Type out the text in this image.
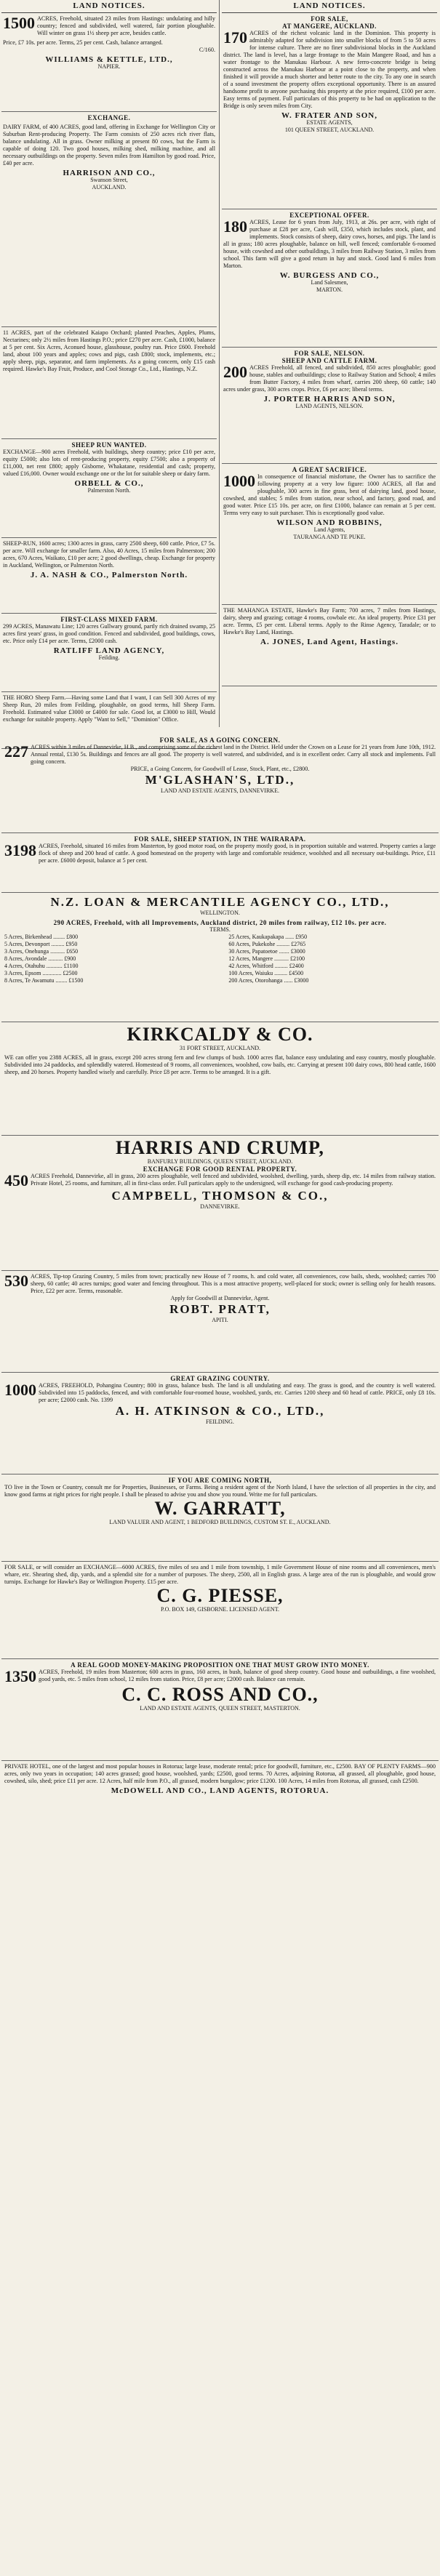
LAND NOTICES.
1500 ACRES, Freehold, situated 23 miles from Hastings: undulating and hilly country; fenced and subdivided, well watered, fair portion ploughable. Will winter on grass 1½ sheep per acre, besides cattle.
Price, £7 10s. per acre. Terms, 25 per cent. Cash, balance arranged.
C/160.
WILLIAMS & KETTLE, LTD.,
NAPIER.
EXCHANGE.
DAIRY FARM, of 400 ACRES, good land, offering in Exchange for Wellington City or Suburban Rent-producing Property. The Farm consists of 250 acres rich river flats, balance undulating. All in grass. Owner milking at present 80 cows, but the Farm is capable of doing 120. Two good houses, milking shed, milking machine, and all necessary outbuildings on the property. Seven miles from Hamilton by good road. Price, £40 per acre.
HARRISON AND CO.,
Swanson Street,
AUCKLAND.
11 ACRES, part of the celebrated Kaiapo Orchard; planted Peaches, Apples, Plums, Nectarines; only 2½ miles from Hastings P.O.; price £270 per acre. Cash, £1000, balance at 5 per cent. Six Acres, Aconued house, glasshouse, poultry run. Price £600. Freehold land, about 100 years and apples; cows and pigs, cash £800; stock, implements, etc.; apply sheep, pigs, separator, and farm implements. As a going concern, only £15 cash required. Hawke's Bay Fruit, Produce, and Cool Storage Co., Ltd., Hastings, N.Z.
SHEEP RUN WANTED.
EXCHANGE—900 acres Freehold, with buildings, sheep country; price £10 per acre, equity £5000; also lots of rent-producing property, equity £7500; also a property of £11,000, net rent £800; apply Gisborne, Whakatane, residential and cash; property, valued £16,000. Owner would exchange one or the lot for suitable sheep or dairy farm.
ORBELL & CO.,
Palmerston North.
SHEEP-RUN, 1600 acres; 1300 acres in grass, carry 2500 sheep, 600 cattle. Price, £7 5s. per acre. Will exchange for smaller farm. Also, 40 Acres, 15 miles from Palmerston; 200 acres, 670 Acres, Waikato, £10 per acre; 2 good dwellings, cheap. Exchange for property in Auckland, Wellington, or Palmerston North.
J. A. NASH & CO., Palmerston North.
FIRST-CLASS MIXED FARM.
299 ACRES, Manawatu Line; 120 acres Gullwary ground, partly rich drained swamp, 25 acres first years' grass, in good condition. Fenced and subdivided, good buildings, cows, etc. Price only £14 per acre. Terms, £2000 cash.
RATLIFF LAND AGENCY,
Feilding.
THE HORO Sheep Farm.—Having some Land that I want, I can Sell 300 Acres of my Sheep Run, 20 miles from Feilding, ploughable, on good terms, hill Sheep Farm. Freehold. Estimated value £3000 or £4000 for sale. Good lot, at £3000 to Hill, Would exchange for suitable property. Apply "Want to Sell," "Dominion" Office.
LAND NOTICES.
FOR SALE,
AT MANGERE, AUCKLAND.
170 ACRES of the richest volcanic land in the Dominion. This property is admirably adapted for subdivision into smaller blocks of from 5 to 50 acres for intense culture. There are no finer subdivisional blocks in the Auckland district. The land is level, has a large frontage to the Main Mangere Road, and has a water frontage to the Manukau Harbour. A new ferro-concrete bridge is being constructed across the Manukau Harbour at a point close to the property, and when finished it will provide a much shorter and better route to the city. To any one in search of a sound investment the property offers exceptional opportunity. There is an assured handsome profit to anyone purchasing this property at the price required, £100 per acre. Easy terms of payment. Full particulars of this property to be had on application to the Bridge is only seven miles from City.
W. FRATER AND SON,
ESTATE AGENTS,
101 QUEEN STREET, AUCKLAND.
EXCEPTIONAL OFFER.
180 ACRES, Lease for 6 years from July, 1913, at 26s. per acre, with right of purchase at £28 per acre, Cash will, £350, which includes stock, plant, and implements. Stock consists of sheep, dairy cows, horses, and pigs. The land is all in grass; 180 acres ploughable, balance on hill, well fenced; comfortable 6-roomed house, with cowshed and other outbuildings, 3 miles from Railway Station, 3 miles from school. This farm will give a good return in hay and stock. Good land 6 miles from Marton.
W. BURGESS AND CO.,
Land Salesmen,
MARTON.
FOR SALE, NELSON.
SHEEP AND CATTLE FARM.
200 ACRES Freehold, all fenced, and subdivided, 850 acres ploughable; good house, stables and outbuildings; close to Railway Station and School; 4 miles from Butter Factory, 4 miles from wharf, carries 200 sheep, 60 cattle; 140 acres under grass, 300 acres crops. Price, £6 per acre; liberal terms.
J. PORTER HARRIS AND SON,
LAND AGENTS, NELSON.
A GREAT SACRIFICE.
1000 In consequence of financial misfortune, the Owner has to sacrifice the following property at a very low figure: 1000 ACRES, all flat and ploughable, 300 acres in fine grass, best of dairying land, good house, cowshed, and stables; 5 miles from station, near school, and factory, good road, and good water. Price £15 10s. per acre, on first £1000, balance can remain at 5 per cent. Terms very easy to suit purchaser. This is exceptionally good value.
WILSON AND ROBBINS,
Land Agents,
TAURANGA AND TE PUKE.
THE MAHANGA ESTATE, Hawke's Bay Farm; 700 acres, 7 miles from Hastings, dairy, sheep and grazing; cottage 4 rooms, cowbale etc. An ideal property. Price £31 per acre. Terms, £5 per cent. Liberal terms. Apply to the Rinse Agency, Taradale; or to Hawke's Bay Land, Hastings.
A. JONES, Land Agent, Hastings.
FOR SALE, AS A GOING CONCERN.
227 ACRES within 3 miles of Dannevirke, H.B., and comprising some of the richest land in the District. Held under the Crown on a Lease for 21 years from June 10th, 1912. Annual rental, £130 5s. Buildings and fences are all good. The property is well watered, and subdivided, and is in excellent order. Carry all stock and implements. Full going concern.
PRICE, a Going Concern, for Goodwill of Lease, Stock, Plant, etc., £2800.
M'GLASHAN'S, LTD.,
LAND AND ESTATE AGENTS, DANNEVIRKE.
FOR SALE, SHEEP STATION, IN THE WAIRARAPA.
3198 ACRES, Freehold, situated 16 miles from Masterton, by good motor road, on the property mostly good, is in proportion suitable and watered. Property carries a large flock of sheep and 200 head of cattle. A good homestead on the property with large and comfortable residence, woolshed and all necessary out-buildings. Price, £11 per acre. £6000 deposit, balance at 5 per cent.
N.Z. LOAN & MERCANTILE AGENCY CO., LTD.,
WELLINGTON.
290 ACRES, Freehold, with all Improvements, Auckland district, 20 miles from railway, £12 10s. per acre.
TERMS.
5 Acres, Birkenhead ........ £800
5 Acres, Devonport ......... £950
3 Acres, Onehunga .......... £650
8 Acres, Avondale .......... £900
4 Acres, Otahuhu ........... £1100
3 Acres, Epsom ............. £2500
8 Acres, Te Awamutu ........ £1500
25 Acres, Kaukapakapa ...... £950
60 Acres, Pukekohe ......... £2765
30 Acres, Papatoetoe ....... £3000
12 Acres, Mangere .......... £2100
42 Acres, Whitford ......... £2400
100 Acres, Waiuku ......... £4500
200 Acres, Otorohanga ...... £3000
KIRKCALDY & CO.
31 FORT STREET, AUCKLAND.
WE can offer you 2388 ACRES, all in grass, except 200 acres strong fern and few clumps of bush. 1000 acres flat, balance easy undulating and easy country, mostly ploughable. Subdivided into 24 paddocks, and splendidly watered. Homestead of 9 rooms, all conveniences, woolshed, cow bails, etc. Carrying at present 100 dairy cows, 800 head cattle, 1600 sheep, and 20 horses. Property handled wisely and carefully. Price £8 per acre. Terms to be arranged. It is a gift.
HARRIS AND CRUMP,
BANFURLY BUILDINGS, QUEEN STREET, AUCKLAND.
EXCHANGE FOR GOOD RENTAL PROPERTY.
450 ACRES Freehold, Dannevirke, all in grass, 200 acres ploughable, well fenced and subdivided, woolshed, dwelling, yards, sheep dip, etc. 14 miles from railway station. Private Hotel, 25 rooms, and furniture, all in first-class order. Full particulars apply to the undersigned, will exchange for good cash-producing property.
CAMPBELL, THOMSON & CO.,
DANNEVIRKE.
530 ACRES, Tip-top Grazing Country, 5 miles from town; practically new House of 7 rooms, h. and cold water, all conveniences, cow bails, sheds, woolshed; carries 700 sheep, 60 cattle; 40 acres turnips; good water and fencing throughout. This is a most attractive property, well-placed for stock; owner is selling only for health reasons. Price, £22 per acre. Terms, reasonable.
Apply for Goodwill at Dannevirke, Agent.
ROBT. PRATT,
APITI.
GREAT GRAZING COUNTRY.
1000 ACRES, FREEHOLD, Pohangina Country; 800 in grass, balance bush. The land is all undulating and easy. The grass is good, and the country is well watered. Subdivided into 15 paddocks, fenced, and with comfortable four-roomed house, woolshed, yards, etc. Carries 1200 sheep and 60 head of cattle. PRICE, only £8 10s. per acre; £2000 cash. No. 1399
A. H. ATKINSON & CO., LTD.,
FEILDING.
IF YOU ARE COMING NORTH,
TO live in the Town or Country, consult me for Properties, Businesses, or Farms. Being a resident agent of the North Island, I have the selection of all properties in the city, and know good farms at right prices for right people. I shall be pleased to advise you and show you round. Write me for full particulars.
W. GARRATT,
LAND VALUER AND AGENT, 1 BEDFORD BUILDINGS, CUSTOM ST. E., AUCKLAND.
FOR SALE, or will consider an EXCHANGE—6000 ACRES, five miles of sea and 1 mile from township, 1 mile Government House of nine rooms and all conveniences, men's whare, etc. Shearing shed, dip, yards, and a splendid site for a number of purposes. The sheep, 2500, all in English grass. A large area of the run is ploughable, and would grow turnips. Exchange for Hawke's Bay or Wellington Property. £15 per acre.
C. G. PIESSE,
P.O. BOX 149, GISBORNE. LICENSED AGENT.
A REAL GOOD MONEY-MAKING PROPOSITION ONE THAT MUST GROW INTO MONEY.
1350 ACRES, Freehold, 19 miles from Masterton; 600 acres in grass, 160 acres, in bush, balance of good sheep country. Good house and outbuildings, a fine woolshed, good yards, etc. 5 miles from school, 12 miles from station. Price, £8 per acre; £2000 cash. Balance can remain.
C. C. ROSS AND CO.,
LAND AND ESTATE AGENTS, QUEEN STREET, MASTERTON.
PRIVATE HOTEL, one of the largest and most popular houses in Rotorua; large lease, moderate rental; price for goodwill, furniture, etc., £2500. BAY OF PLENTY FARMS—900 acres, only two years in occupation; 140 acres grassed; good house, woolshed, yards; £2500, good terms. 70 Acres, adjoining Rotorua, all grassed, all ploughable, good house, cowshed, silo, shed; price £11 per acre. 12 Acres, half mile from P.O., all grassed, modern bungalow; price £1200. 100 Acres, 14 miles from Rotorua, all grassed, cash £2500.
McDOWELL AND CO., LAND AGENTS, ROTORUA.
